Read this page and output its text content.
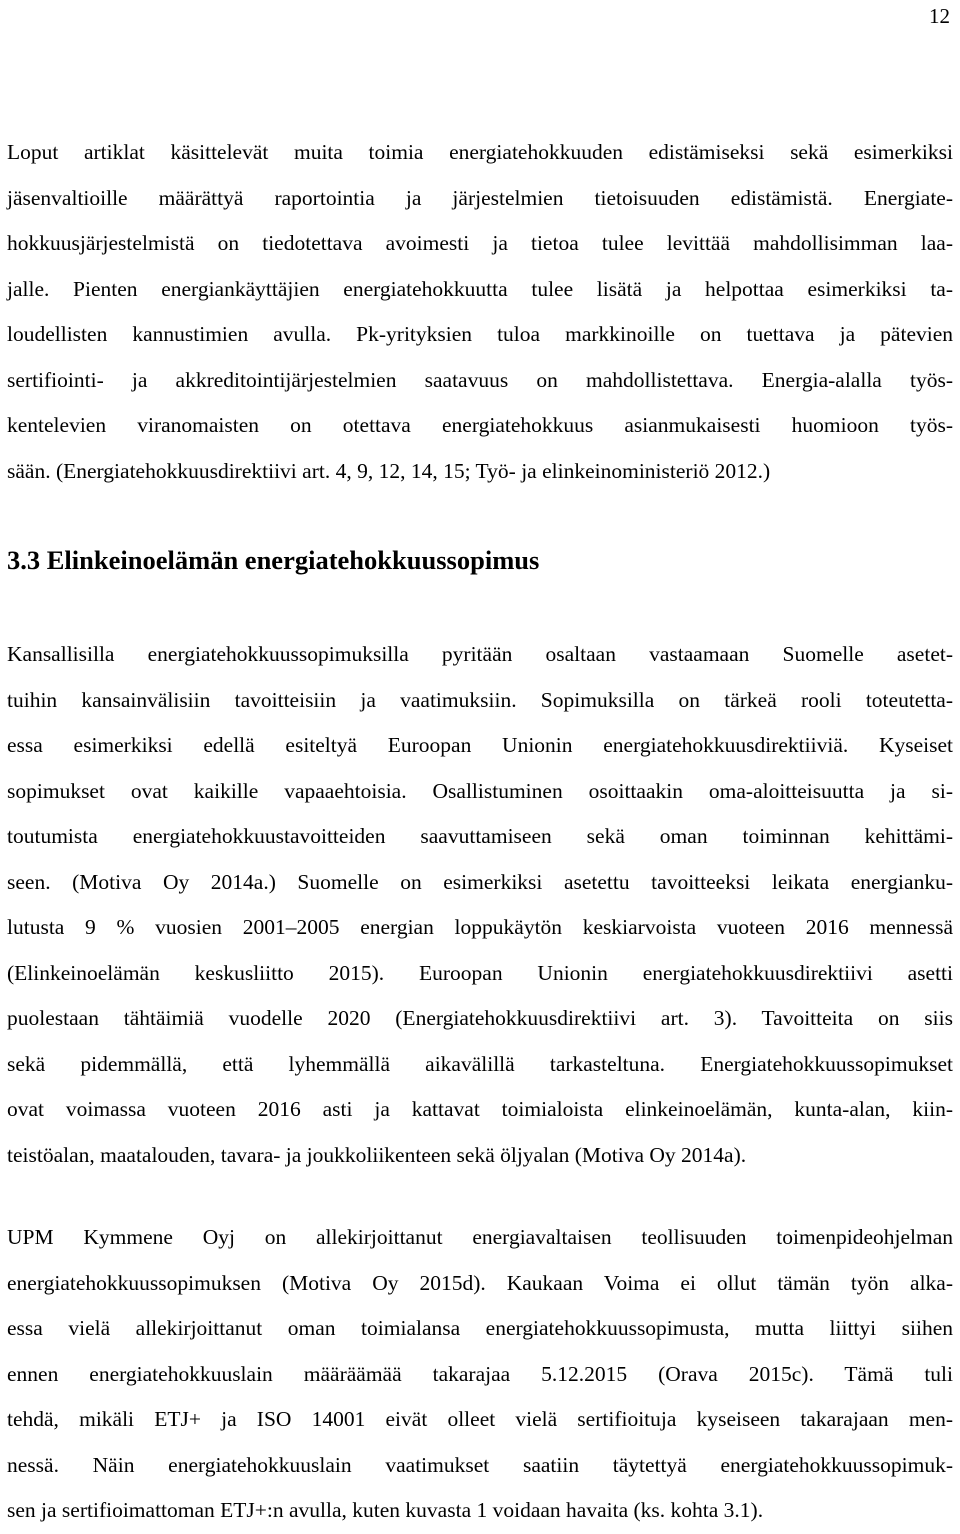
12
Loput artiklat käsittelevät muita toimia energiatehokkuuden edistämiseksi sekä esimerkiksi
jäsenvaltioille määrättyä raportointia ja järjestelmien tietoisuuden edistämistä. Energiate-
hokkuusjärjestelmistä on tiedotettava avoimesti ja tietoa tulee levittää mahdollisimman laa-
jalle. Pienten energiankäyttäjien energiatehokkuutta tulee lisätä ja helpottaa esimerkiksi ta-
loudellisten kannustimien avulla. Pk-yrityksien tuloa markkinoille on tuettava ja pätevien
sertifiointi- ja akkreditointijärjestelmien saatavuus on mahdollistettava. Energia-alalla työs-
kentelevien viranomaisten on otettava energiatehokkuus asianmukaisesti huomioon työs-
sään. (Energiatehokkuusdirektiivi art. 4, 9, 12, 14, 15; Työ- ja elinkeinoministeriö 2012.)
3.3 Elinkeinoelämän energiatehokkuussopimus
Kansallisilla energiatehokkuussopimuksilla pyritään osaltaan vastaamaan Suomelle asetet-
tuihin kansainvälisiin tavoitteisiin ja vaatimuksiin. Sopimuksilla on tärkeä rooli toteutetta-
essa esimerkiksi edellä esiteltyä Euroopan Unionin energiatehokkuusdirektiiviä. Kyseiset
sopimukset ovat kaikille vapaaehtoisia. Osallistuminen osoittaakin oma-aloitteisuutta ja si-
toutumista energiatehokkuustavoitteiden saavuttamiseen sekä oman toiminnan kehittämi-
seen. (Motiva Oy 2014a.) Suomelle on esimerkiksi asetettu tavoitteeksi leikata energianku-
lutusta 9 % vuosien 2001–2005 energian loppukäytön keskiarvoista vuoteen 2016 mennessä
(Elinkeinoelämän keskusliitto 2015). Euroopan Unionin energiatehokkuusdirektiivi asetti
puolestaan tähtäimiä vuodelle 2020 (Energiatehokkuusdirektiivi art. 3). Tavoitteita on siis
sekä pidemmällä, että lyhemmällä aikavälillä tarkasteltuna. Energiatehokkuussopimukset
ovat voimassa vuoteen 2016 asti ja kattavat toimialoista elinkeinoelämän, kunta-alan, kiin-
teistöalan, maatalouden, tavara- ja joukkoliikenteen sekä öljyalan (Motiva Oy 2014a).
UPM Kymmene Oyj on allekirjoittanut energiavaltaisen teollisuuden toimenpideohjelman
energiatehokkuussopimuksen (Motiva Oy 2015d). Kaukaan Voima ei ollut tämän työn alka-
essa vielä allekirjoittanut oman toimialansa energiatehokkuussopimusta, mutta liittyi siihen
ennen energiatehokkuuslain määräämää takarajaa 5.12.2015 (Orava 2015c). Tämä tuli
tehdä, mikäli ETJ+ ja ISO 14001 eivät olleet vielä sertifioituja kyseiseen takarajaan men-
nessä. Näin energiatehokkuuslain vaatimukset saatiin täytettyä energiatehokkuussopimuk-
sen ja sertifioimattoman ETJ+:n avulla, kuten kuvasta 1 voidaan havaita (ks. kohta 3.1).
